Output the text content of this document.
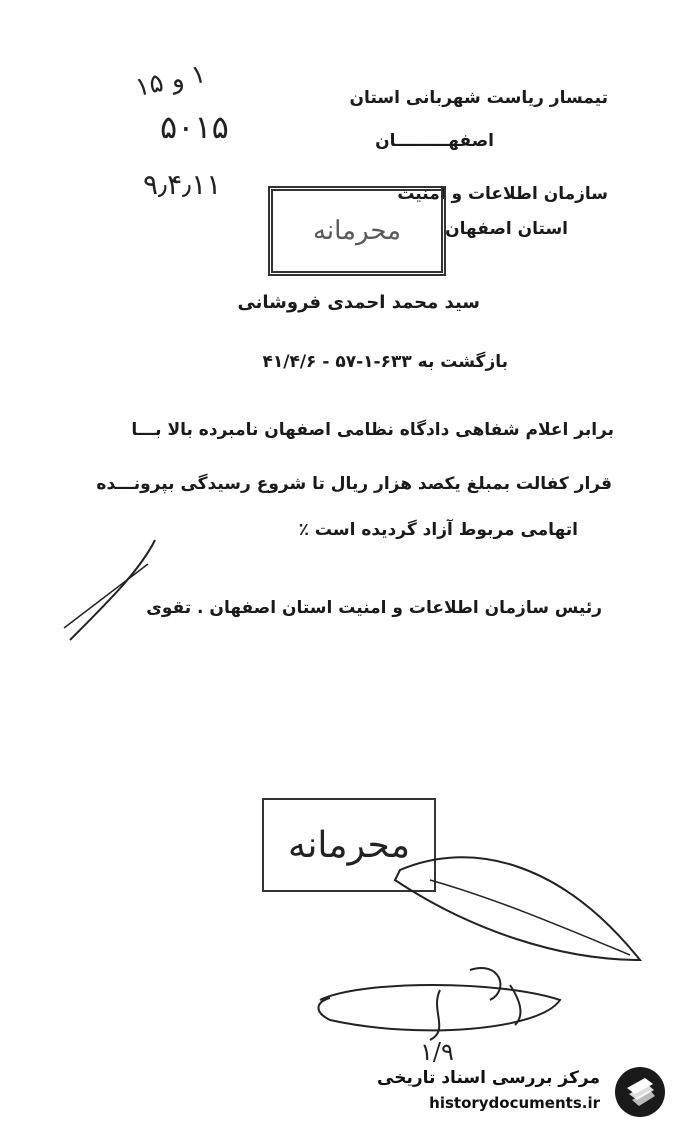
۱ و ۱۵
۵۰۱۵
۹٫۴٫۱۱
تیمسار ریاست شهربانی استان
اصفهـــــــــان
سازمان اطلاعات و امنیت
استان اصفهان
محرمانه
سید محمد احمدی فروشانی
بازگشت به ۶۳۳-۱-۵۷ - ۴۱/۴/۶
برابر اعلام شفاهی دادگاه نظامی اصفهان نامبرده بالا بـــا
قرار کفالت بمبلغ یکصد هزار ریال تا شروع رسیدگی بپرونـــده
اتهامی مربوط آزاد گردیده است ٪
رئیس سازمان اطلاعات و امنیت استان اصفهان . تقوی
محرمانه
۱/۹
مرکز بررسی اسناد تاریخی
historydocuments.ir
